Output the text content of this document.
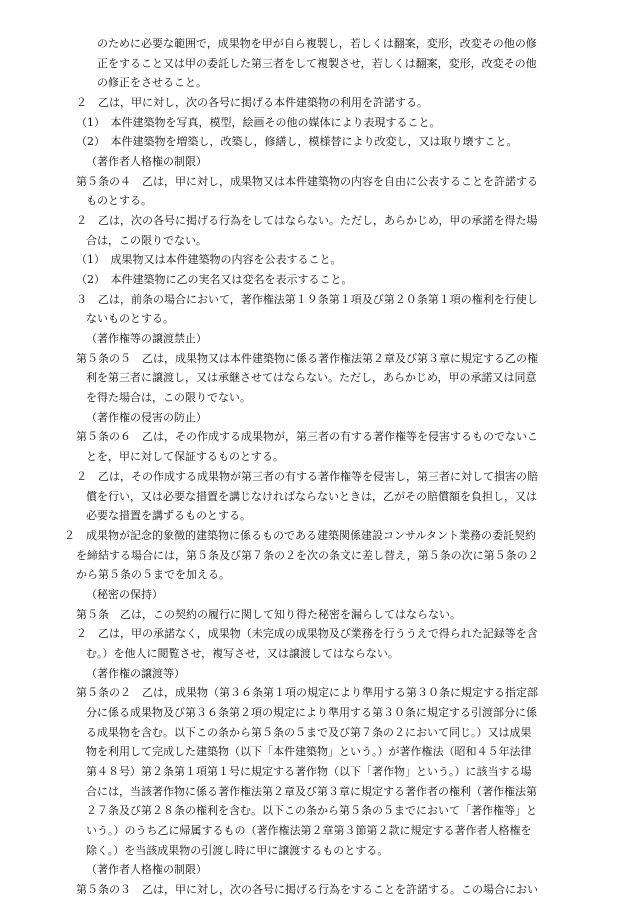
のために必要な範囲で，成果物を甲が自ら複製し，若しくは翻案，変形，改変その他の修
正をすること又は甲の委託した第三者をして複製させ，若しくは翻案，変形，改変その他
の修正をさせること。
２　乙は，甲に対し，次の各号に掲げる本件建築物の利用を許諾する。
（1）　本件建築物を写真，模型，絵画その他の媒体により表現すること。
（2）　本件建築物を増築し，改築し，修繕し，模様替により改変し，又は取り壊すこと。
（著作者人格権の制限）
第５条の４　乙は，甲に対し，成果物又は本件建築物の内容を自由に公表することを許諾する
ものとする。
２　乙は，次の各号に掲げる行為をしてはならない。ただし，あらかじめ，甲の承諾を得た場
合は，この限りでない。
（1）　成果物又は本件建築物の内容を公表すること。
（2）　本件建築物に乙の実名又は変名を表示すること。
３　乙は，前条の場合において，著作権法第１９条第１項及び第２０条第１項の権利を行使し
ないものとする。
（著作権等の譲渡禁止）
第５条の５　乙は，成果物又は本件建築物に係る著作権法第２章及び第３章に規定する乙の権
利を第三者に譲渡し，又は承継させてはならない。ただし，あらかじめ，甲の承諾又は同意
を得た場合は，この限りでない。
（著作権の侵害の防止）
第５条の６　乙は，その作成する成果物が，第三者の有する著作権等を侵害するものでないこ
とを，甲に対して保証するものとする。
２　乙は，その作成する成果物が第三者の有する著作権等を侵害し，第三者に対して損害の賠
償を行い，又は必要な措置を講じなければならないときは，乙がその賠償額を負担し，又は
必要な措置を講ずるものとする。
２　成果物が記念的象徴的建築物に係るものである建築関係建設コンサルタント業務の委託契約
を締結する場合には，第５条及び第７条の２を次の条文に差し替え，第５条の次に第５条の２
から第５条の５までを加える。
（秘密の保持）
第５条　乙は，この契約の履行に関して知り得た秘密を漏らしてはならない。
２　乙は，甲の承諾なく，成果物（未完成の成果物及び業務を行ううえで得られた記録等を含
む。）を他人に閲覧させ，複写させ，又は譲渡してはならない。
（著作権の譲渡等）
第５条の２　乙は，成果物（第３６条第１項の規定により準用する第３０条に規定する指定部
分に係る成果物及び第３６条第２項の規定により準用する第３０条に規定する引渡部分に係
る成果物を含む。以下この条から第５条の５まで及び第７条の２において同じ。）又は成果
物を利用して完成した建築物（以下「本件建築物」という。）が著作権法（昭和４５年法律
第４８号）第２条第１項第１号に規定する著作物（以下「著作物」という。）に該当する場
合には，当該著作物に係る著作権法第２章及び第３章に規定する著作者の権利（著作権法第
２７条及び第２８条の権利を含む。以下この条から第５条の５までにおいて「著作権等」と
いう。）のうち乙に帰属するもの（著作権法第２章第３節第２款に規定する著作者人格権を
除く。）を当該成果物の引渡し時に甲に譲渡するものとする。
（著作者人格権の制限）
第５条の３　乙は，甲に対し，次の各号に掲げる行為をすることを許諾する。この場合におい
